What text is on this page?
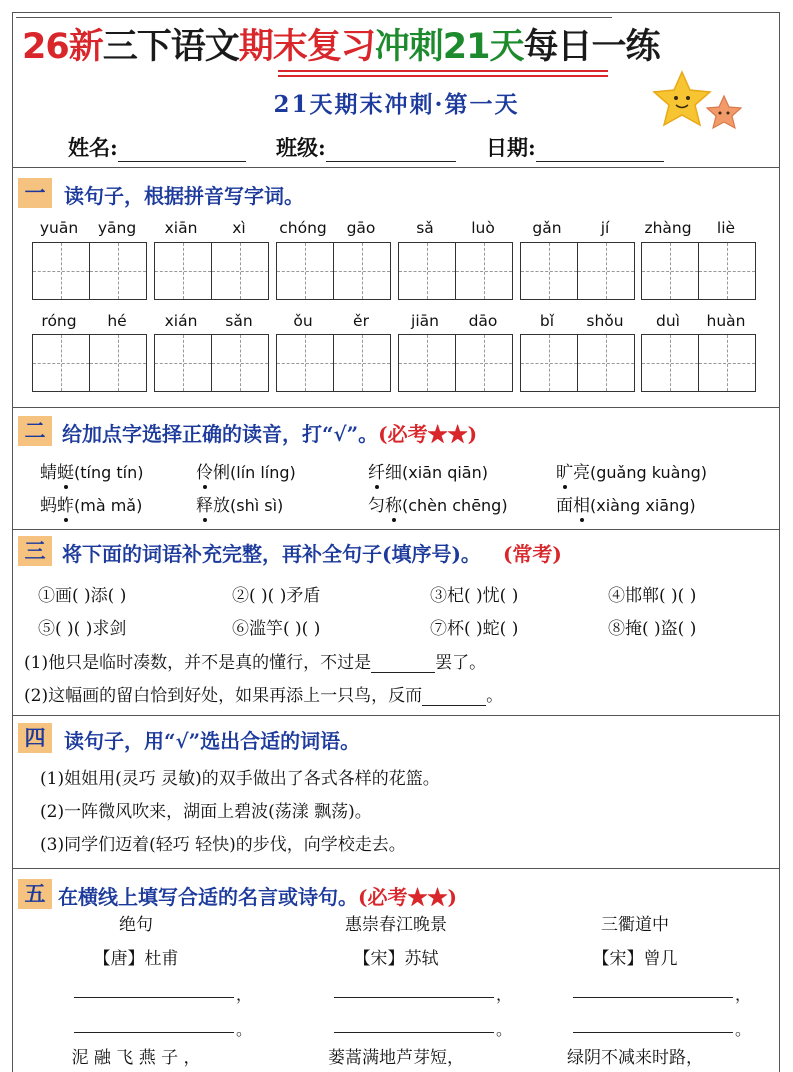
26新三下语文期末复习冲刺21天每日一练
21天期末冲刺·第一天
姓名:	班级:	日期:
一 读句子，根据拼音写字词。
yuān	yāng	xiān	xì	chóng	gāo	sǎ	luò	gǎn	jí	zhàng	liè
róng	hé	xián	sǎn	ǒu	ěr	jiān	dāo	bǐ	shǒu	duì	huàn
二 给加点字选择正确的读音，打“√”。(必考★★)
蜻蜓(tíng tín)	伶俐(lín líng)	纤细(xiān qiān)	旷亮(guǎng kuàng)
蚂蚱(mà mǎ)	释放(shì sì)	匀称(chèn chēng)	面相(xiàng xiāng)
三 将下面的词语补充完整，再补全句子(填序号)。 (常考)
①画( )添( )	②( )( )矛盾	③杞( )忧( )	④邯郸( )( )
⑤( )( )求剑	⑥滥竽( )( )	⑦杯( )蛇( )	⑧掩( )盗( )
(1)他只是临时凑数，并不是真的懂行，不过是	罢了。
(2)这幅画的留白恰到好处，如果再添上一只鸟，反而	。
四 读句子，用“√”选出合适的词语。
(1)姐姐用(灵巧 灵敏)的双手做出了各式各样的花篮。
(2)一阵微风吹来，湖面上碧波(荡漾 飘荡)。
(3)同学们迈着(轻巧 轻快)的步伐，向学校走去。
五 在横线上填写合适的名言或诗句。(必考★★)
绝句
【唐】杜甫
，
。
泥 融 飞 燕 子 ，
惠崇春江晚景
【宋】苏轼
，
。
蒌蒿满地芦芽短，
三衢道中
【宋】曾几
，
。
绿阴不减来时路，
